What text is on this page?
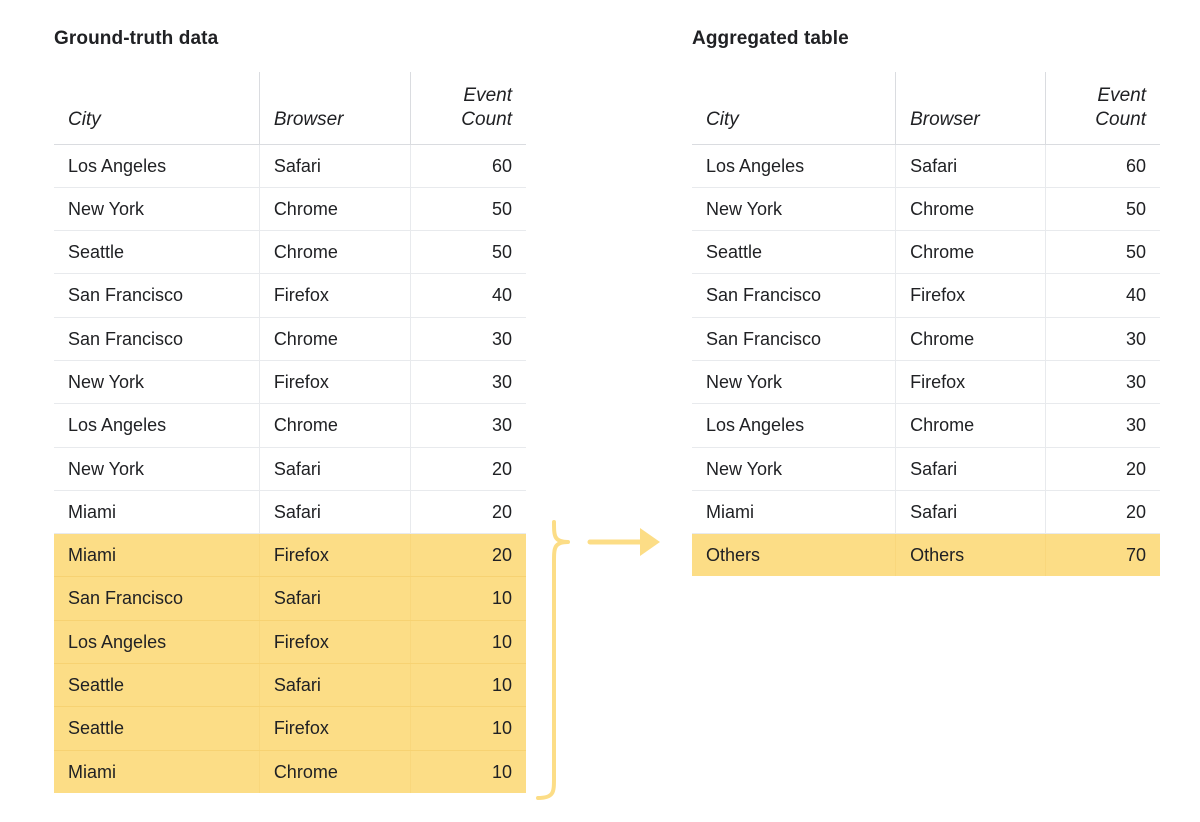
Ground-truth data
City	Browser	Event
Count

Los Angeles	Safari	60
New York	Chrome	50
Seattle	Chrome	50
San Francisco	Firefox	40
San Francisco	Chrome	30
New York	Firefox	30
Los Angeles	Chrome	30
New York	Safari	20
Miami	Safari	20
Miami	Firefox	20
San Francisco	Safari	10
Los Angeles	Firefox	10
Seattle	Safari	10
Seattle	Firefox	10
Miami	Chrome	10
Aggregated table
City	Browser	Event
Count

Los Angeles	Safari	60
New York	Chrome	50
Seattle	Chrome	50
San Francisco	Firefox	40
San Francisco	Chrome	30
New York	Firefox	30
Los Angeles	Chrome	30
New York	Safari	20
Miami	Safari	20
Others	Others	70
